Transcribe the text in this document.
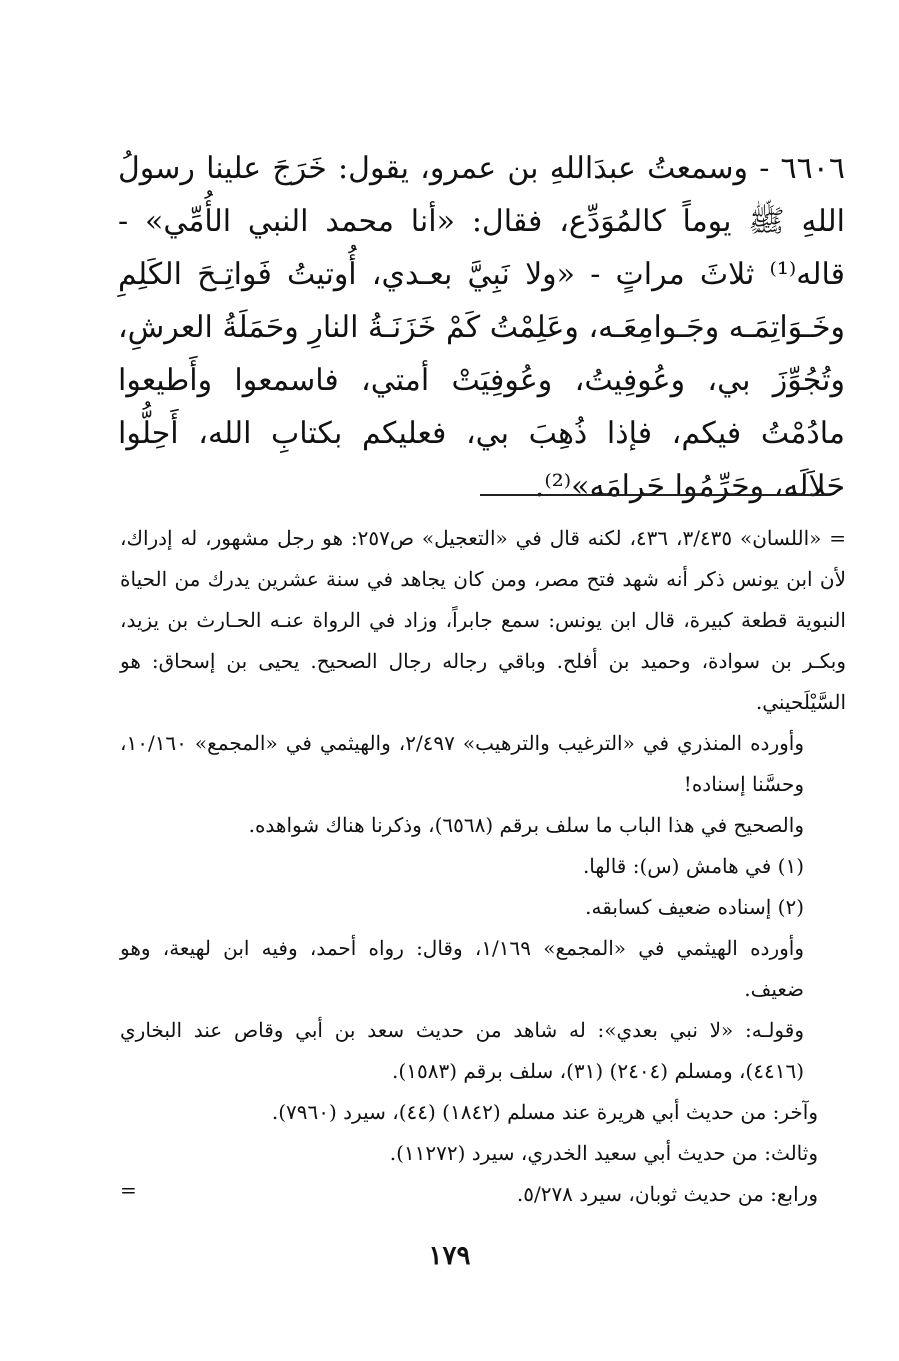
٦٦٠٦ - وسمعتُ عبدَاللهِ بن عمرو، يقول: خَرَجَ علينا رسولُ اللهِ ﷺ يوماً كالمُوَدِّع، فقال: «أنا محمد النبي الأُمِّي» - قاله⁽¹⁾ ثلاثَ مراتٍ - «ولا نَبِيَّ بعـدي، أُوتيتُ فَواتِـحَ الكَلِمِ وخَـوَاتِمَـه وجَـوامِعَـه، وعَلِمْتُ كَمْ خَزَنَـةُ النارِ وحَمَلَةُ العرشِ، وتُجُوِّزَ بي، وعُوفِيتُ، وعُوفِيَتْ أمتي، فاسمعوا وأَطيعوا مادُمْتُ فيكم، فإذا ذُهِبَ بي، فعليكم بكتابِ الله، أَحِلُّوا حَلاَلَه، وحَرِّمُوا حَرامَه»⁽²⁾.

= «اللسان» ٣/٤٣٥، ٤٣٦، لكنه قال في «التعجيل» ص٢٥٧: هو رجل مشهور، له إدراك، لأن ابن يونس ذكر أنه شهد فتح مصر، ومن كان يجاهد في سنة عشرين يدرك من الحياة النبوية قطعة كبيرة، قال ابن يونس: سمع جابراً، وزاد في الرواة عنـه الحـارث بن يزيد، وبكـر بن سوادة، وحميد بن أفلح. وباقي رجاله رجال الصحيح. يحيى بن إسحاق: هو السَّيْلَحيني.

وأورده المنذري في «الترغيب والترهيب» ٢/٤٩٧، والهيثمي في «المجمع» ١٠/١٦٠، وحسَّنا إسناده!

والصحيح في هذا الباب ما سلف برقم (٦٥٦٨)، وذكرنا هناك شواهده.

(١) في هامش (س): قالها.

(٢) إسناده ضعيف كسابقه.

وأورده الهيثمي في «المجمع» ١/١٦٩، وقال: رواه أحمد، وفيه ابن لهيعة، وهو ضعيف.

وقولـه: «لا نبي بعدي»: له شاهد من حديث سعد بن أبي وقاص عند البخاري (٤٤١٦)، ومسلم (٢٤٠٤) (٣١)، سلف برقم (١٥٨٣).

وآخر: من حديث أبي هريرة عند مسلم (١٨٤٢) (٤٤)، سيرد (٧٩٦٠).

وثالث: من حديث أبي سعيد الخدري، سيرد (١١٢٧٢).

ورابع: من حديث ثوبان، سيرد ٥/٢٧٨.

=
١٧٩
